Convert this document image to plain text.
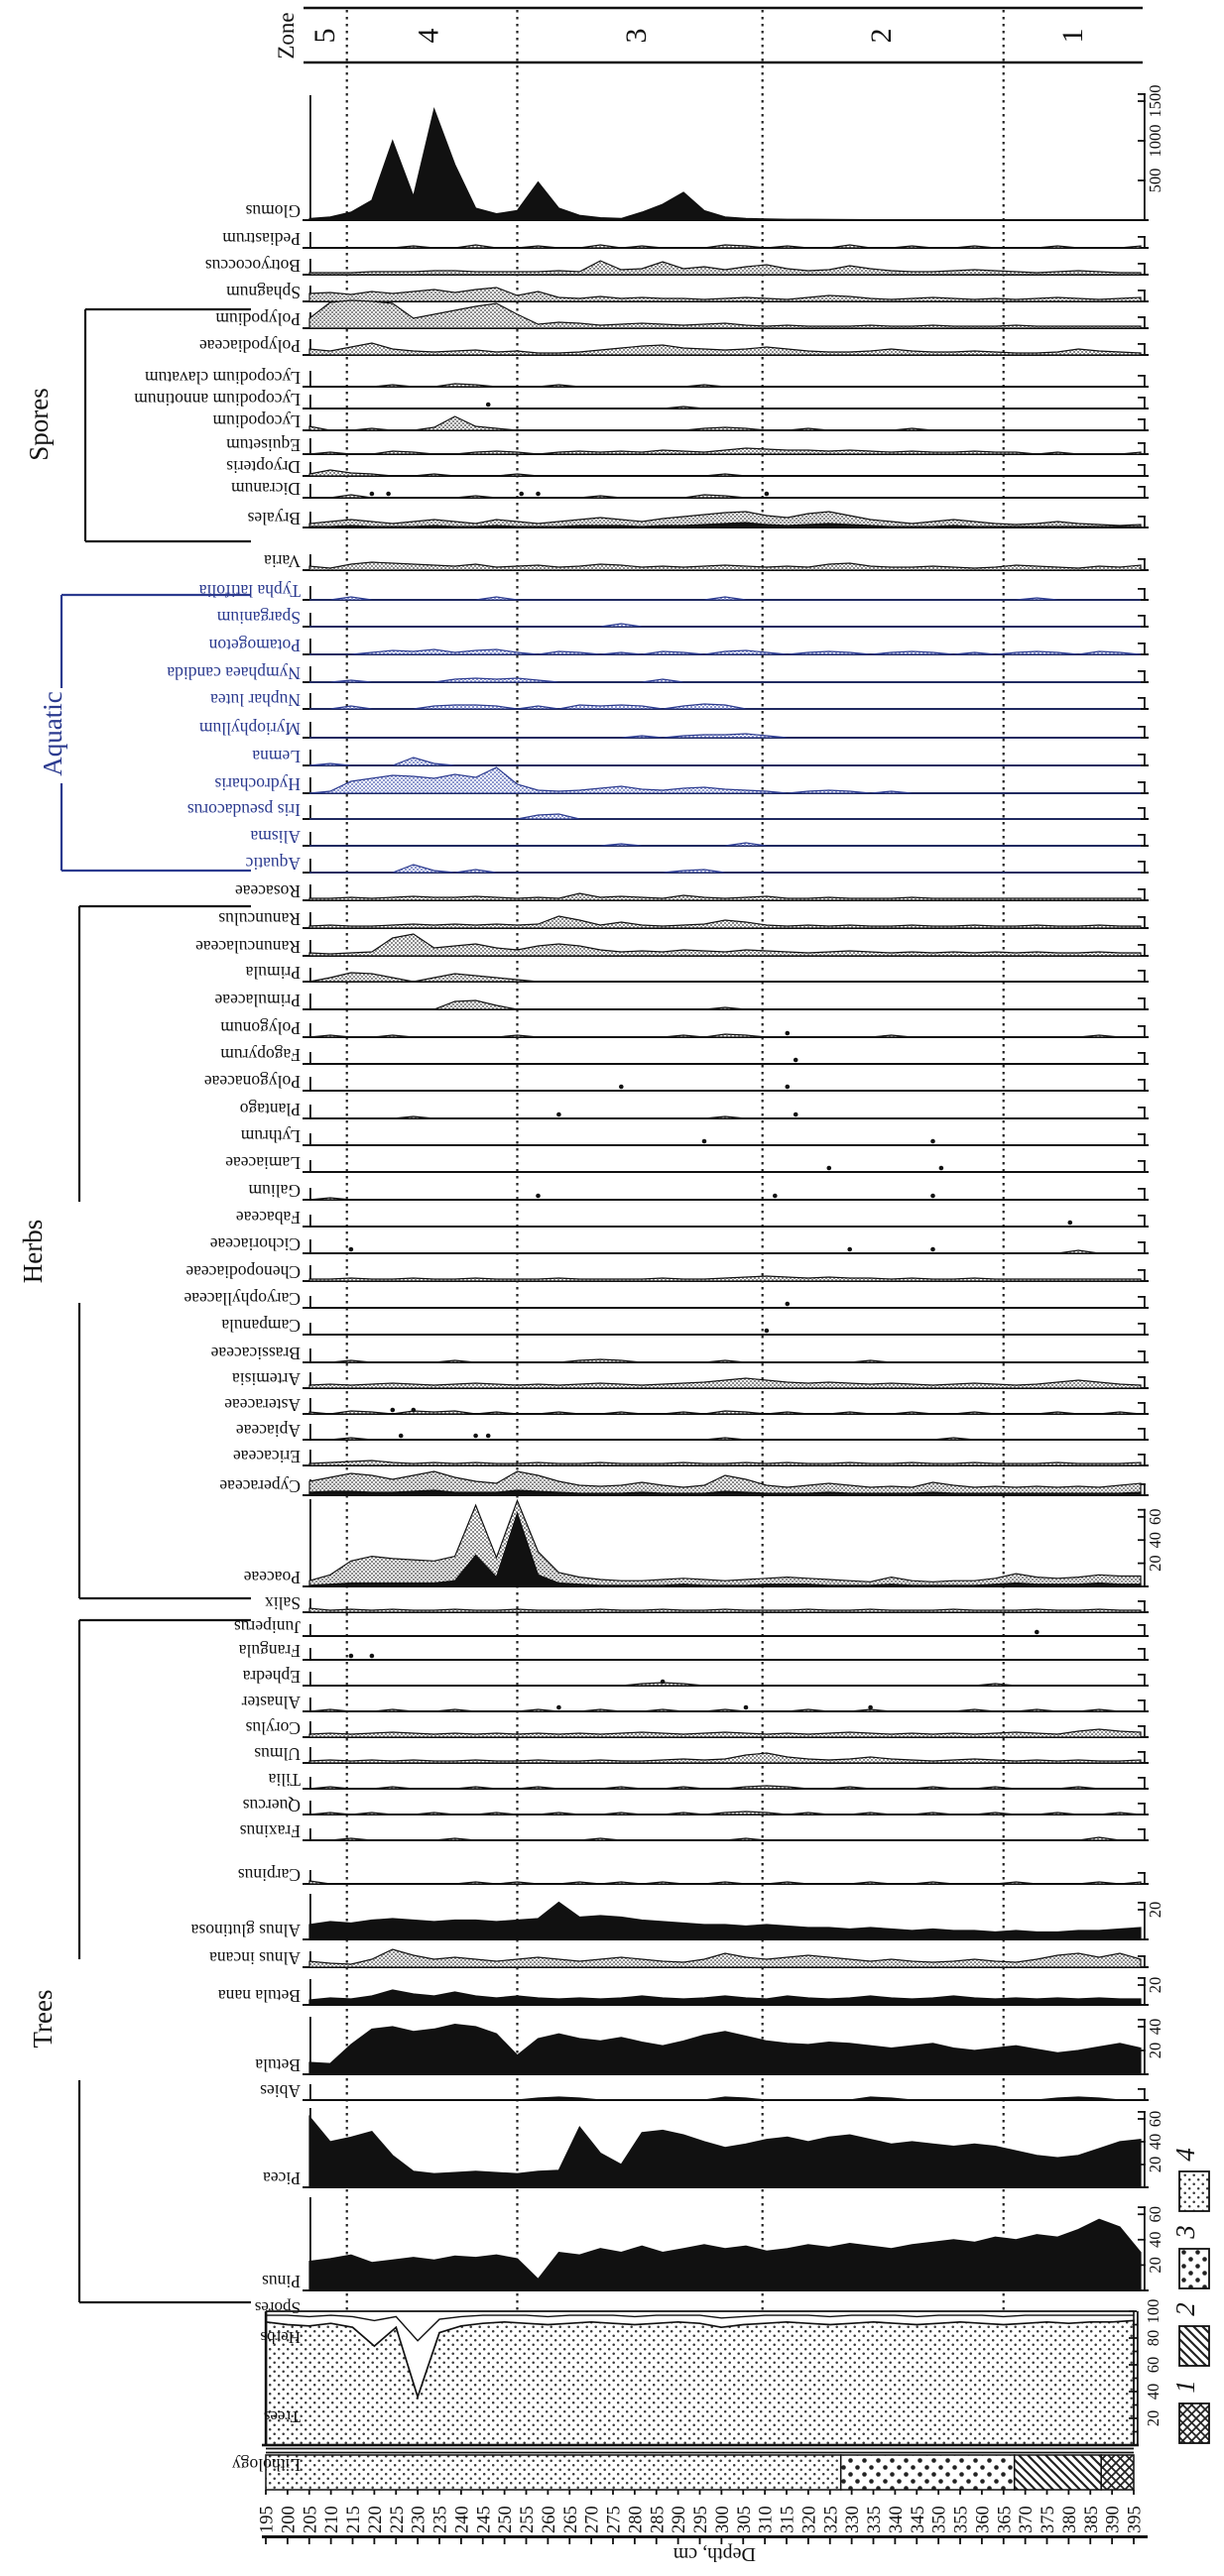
Zone 5 4	3	2	1
500
1000
1500
Glomus
Pediastrum
Botryococcus
Sphagnum
Polypodium
Polypodiaceae
Lycopodium clavatum
Lycopodium annotinum
Lycopodium
Equisetum
Dryopteris
Dicranum
Bryales
Varia
Typha latifolia
Sparganium
Potamogeton
Nymphaea candida
Nuphar lutea
Myriophyllum
Lemna
Hydrocharis
Iris pseudacorus
Alisma
Aquatic
Rosaceae
Ranunculus
Ranunculaceae
Primula
Primulaceae
Polygonum
Fagopyrum
Polygonaceae
Plantago
Lythrum
Lamiaceae
Galium
Fabaceae
Cichoriaceae
Chenopodiaceae
Caryophyllaceae
Campanula
Brassicaceae
Artemisia
Asteraceae
Apiaceae
Ericaceae
Cyperaceae
20
40
60
Poaceae
Salix
Juniperus
Frangula
Ephedra
Alnaster
Corylus
Ulmus
Tilia
Quercus
Fraxinus
Carpinus
20
Alnus glutinosa
Alnus incana
20
Betula nana
20
40
Betula
Abies
20
40
60
Picea
20
40
60
Pinus
Spores
Aquatic
Herbs
Trees
20
40
60
80
100
Spores
Herbs
Trees
Lithology
195 200 205 210 215 220 225 230 235 240 245 250 255 260 265 270 275 280 285 290 295 300 305 310 315 320 325 330 335 340 345 350 355 360 365 370 375 380 385 390 395
Depth, cm
1
2
3
4
